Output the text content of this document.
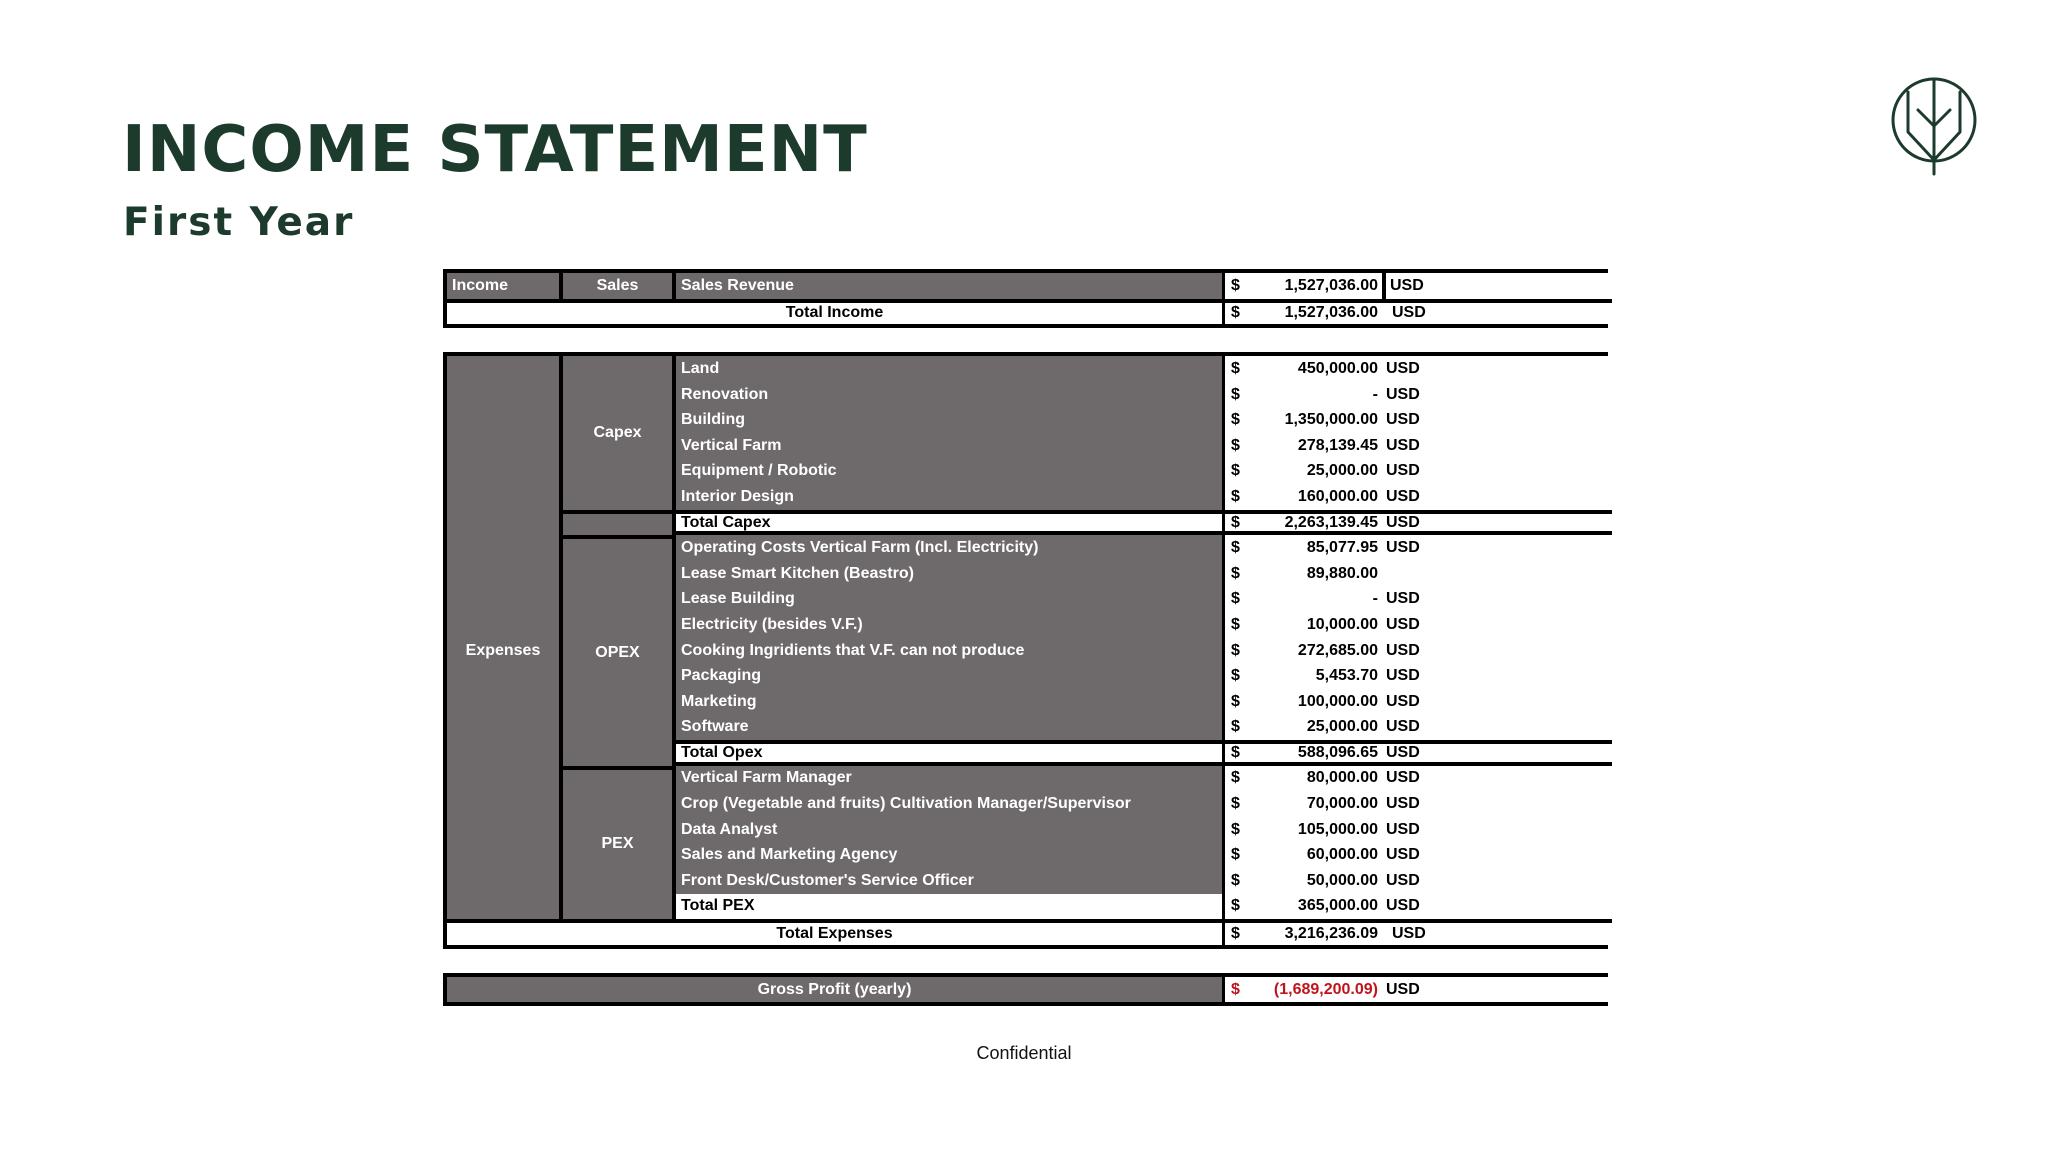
INCOME STATEMENT
First Year
Income	Sales	Sales Revenue	$	1,527,036.00 USD
Total Income	$	1,527,036.00 USD
Expenses
Capex
Land	$	450,000.00 USD
Renovation	$	- USD
Building	$	1,350,000.00 USD
Vertical Farm	$	278,139.45 USD
Equipment / Robotic	$	25,000.00 USD
Interior Design	$	160,000.00 USD
Total Capex	$	2,263,139.45 USD
OPEX
Operating Costs Vertical Farm (Incl. Electricity)	$	85,077.95 USD
Lease Smart Kitchen (Beastro)	$	89,880.00
Lease Building	$	- USD
Electricity (besides V.F.)	$	10,000.00 USD
Cooking Ingridients that V.F. can not produce	$	272,685.00 USD
Packaging	$	5,453.70 USD
Marketing	$	100,000.00 USD
Software	$	25,000.00 USD
Total Opex	$	588,096.65 USD
PEX
Vertical Farm Manager	$	80,000.00 USD
Crop (Vegetable and fruits) Cultivation Manager/Supervisor	$	70,000.00 USD
Data Analyst	$	105,000.00 USD
Sales and Marketing Agency	$	60,000.00 USD
Front Desk/Customer's Service Officer	$	50,000.00 USD
Total PEX	$	365,000.00 USD
Total Expenses	$	3,216,236.09 USD
Gross Profit (yearly)	$	(1,689,200.09) USD
Confidential
